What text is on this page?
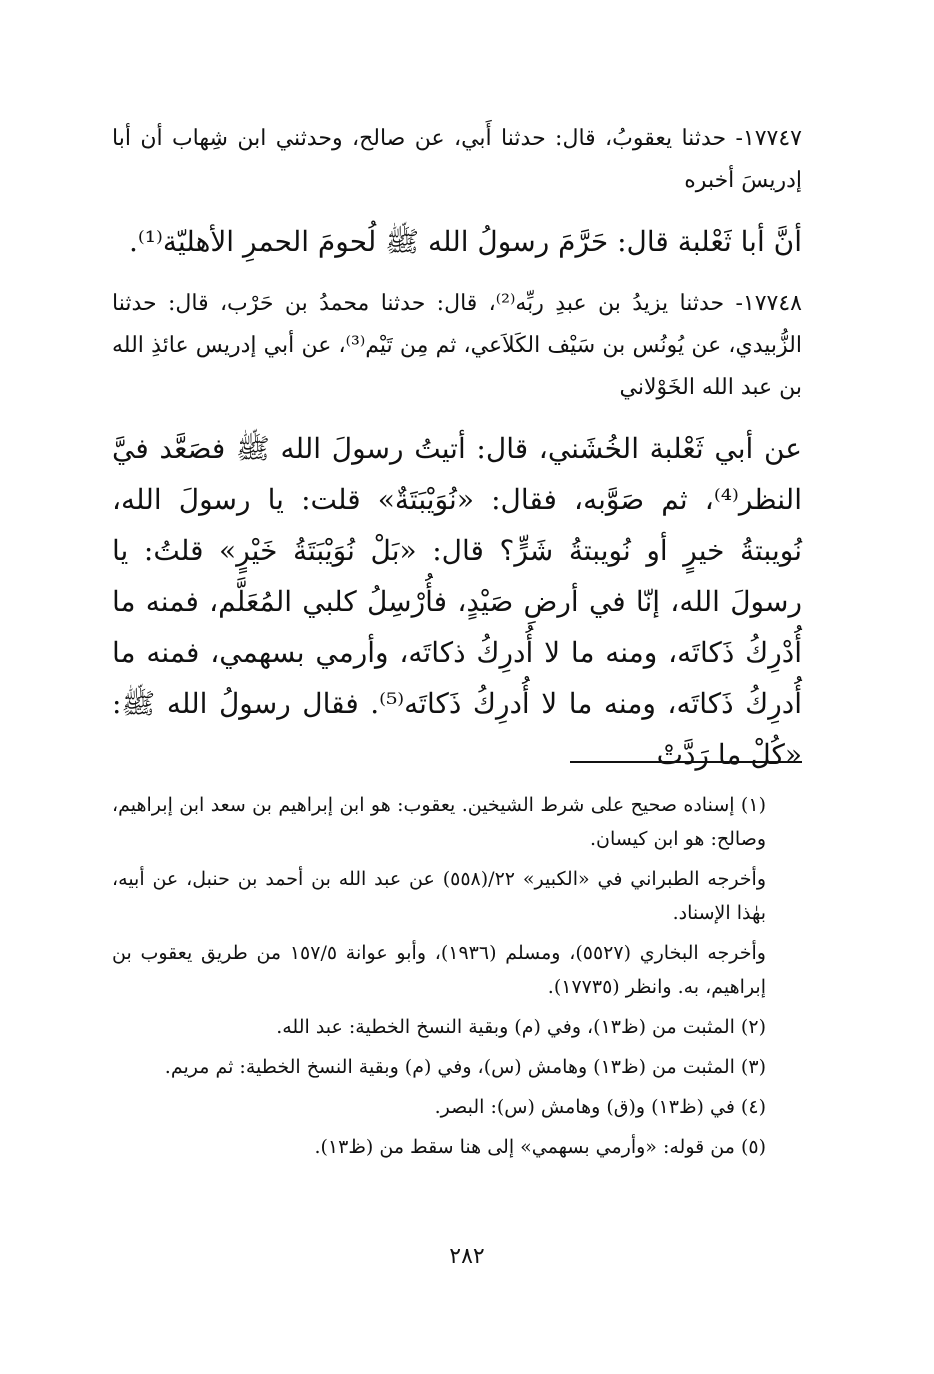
١٧٧٤٧- حدثنا يعقوبُ، قال: حدثنا أَبي، عن صالح، وحدثني ابن شِهاب أن أبا إدريسَ أخبره

أنَّ أبا ثَعْلبة قال: حَرَّمَ رسولُ الله ﷺ لُحومَ الحمرِ الأهليّة⁽¹⁾.

١٧٧٤٨- حدثنا يزيدُ بن عبدِ ربِّه⁽²⁾، قال: حدثنا محمدُ بن حَرْب، قال: حدثنا الزُّبيدي، عن يُونُس بن سَيْف الكَلاَعي، ثم مِن تَيْم⁽³⁾، عن أبي إدريس عائذِ الله بن عبد الله الخَوْلاني

عن أبي ثَعْلبة الخُشَني، قال: أتيتُ رسولَ الله ﷺ فصَعَّد فيَّ النظر⁽⁴⁾، ثم صَوَّبه، فقال: «نُوَيْبَتَةٌ» قلت: يا رسولَ الله، نُويبتةُ خيرٍ أو نُويبتةُ شَرٍّ؟ قال: «بَلْ نُوَيْبَتَةُ خَيْرٍ» قلتُ: يا رسولَ الله، إنّا في أرضِ صَيْدٍ، فأُرْسِلُ كلبي المُعَلَّم، فمنه ما أُدْرِكُ ذَكاتَه، ومنه ما لا أُدرِكُ ذكاتَه، وأرمي بسهمي، فمنه ما أُدرِكُ ذَكاتَه، ومنه ما لا أُدرِكُ ذَكاتَه⁽⁵⁾. فقال رسولُ الله ﷺ: «كُلْ ما رَدَّتْ

(١) إسناده صحيح على شرط الشيخين. يعقوب: هو ابن إبراهيم بن سعد ابن إبراهيم، وصالح: هو ابن كيسان.

وأخرجه الطبراني في «الكبير» ٢٢/(٥٥٨) عن عبد الله بن أحمد بن حنبل، عن أبيه، بهٰذا الإسناد.

وأخرجه البخاري (٥٥٢٧)، ومسلم (١٩٣٦)، وأبو عوانة ١٥٧/٥ من طريق يعقوب بن إبراهيم، به. وانظر (١٧٧٣٥).

(٢) المثبت من (ظ١٣)، وفي (م) وبقية النسخ الخطية: عبد الله.

(٣) المثبت من (ظ١٣) وهامش (س)، وفي (م) وبقية النسخ الخطية: ثم مريم.

(٤) في (ظ١٣) و(ق) وهامش (س): البصر.

(٥) من قوله: «وأرمي بسهمي» إلى هنا سقط من (ظ١٣).

٢٨٢
